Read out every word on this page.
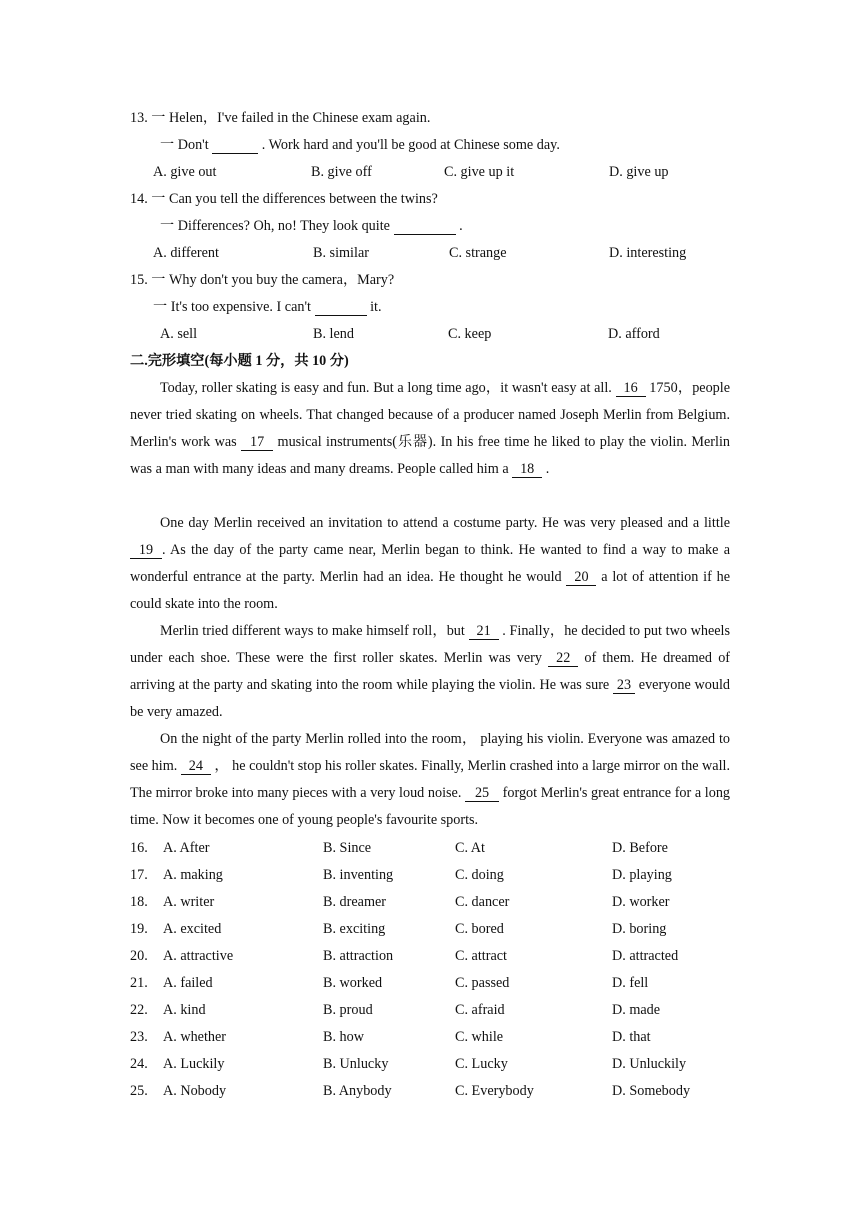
13. 一 Helen，I've failed in the Chinese exam again.
一 Don't	. Work hard and you'll be good at Chinese some day.
A. give out	B. give off	C. give up it	D. give up
14. 一 Can you tell the differences between the twins?
一 Differences? Oh, no! They look quite	.
A. different	B. similar	C. strange	D. interesting
15. 一 Why don't you buy the camera，Mary?
一 It's too expensive. I can't	it.
A. sell	B. lend	C. keep	D. afford
二.完形填空(每小题 1 分，共 10 分)
Today, roller skating is easy and fun. But a long time ago，it wasn't easy at all. 16 1750，people never tried skating on wheels. That changed because of a producer named Joseph Merlin from Belgium. Merlin's work was 17 musical instruments(乐器). In his free time he liked to play the violin. Merlin was a man with many ideas and many dreams. People called him a 18 .
One day Merlin received an invitation to attend a costume party. He was very pleased and a little 19 . As the day of the party came near, Merlin began to think. He wanted to find a way to make a wonderful entrance at the party. Merlin had an idea. He thought he would 20 a lot of attention if he could skate into the room.
Merlin tried different ways to make himself roll，but 21 . Finally，he decided to put two wheels under each shoe. These were the first roller skates. Merlin was very 22 of them. He dreamed of arriving at the party and skating into the room while playing the violin. He was sure 23 everyone would be very amazed.
On the night of the party Merlin rolled into the room， playing his violin. Everyone was amazed to see him. 24 ， he couldn't stop his roller skates. Finally, Merlin crashed into a large mirror on the wall. The mirror broke into many pieces with a very loud noise. 25 forgot Merlin's great entrance for a long time. Now it becomes one of young people's favourite sports.
16. A. After	B. Since	C. At	D. Before
17. A. making	B. inventing	C. doing	D. playing
18. A. writer	B. dreamer	C. dancer	D. worker
19. A. excited	B. exciting	C. bored	D. boring
20. A. attractive	B. attraction	C. attract	D. attracted
21. A. failed	B. worked	C. passed	D. fell
22. A. kind	B. proud	C. afraid	D. made
23. A. whether	B. how	C. while	D. that
24. A. Luckily	B. Unlucky	C. Lucky	D. Unluckily
25. A. Nobody	B. Anybody	C. Everybody	D. Somebody
